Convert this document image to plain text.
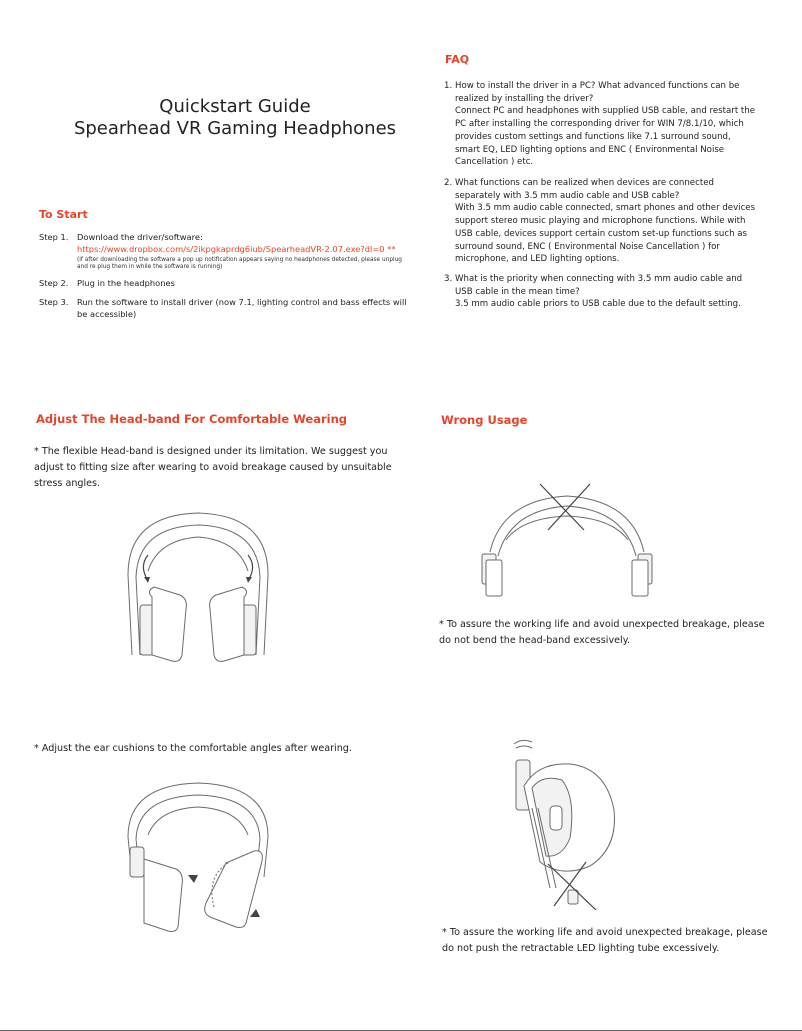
Quickstart Guide
Spearhead VR Gaming Headphones
To Start
Step 1. Download the driver/software:
https://www.dropbox.com/s/2ikpgkaprdg6iub/SpearheadVR-2.07.exe?dl=0 **
(if after downloading the software a pop up notification appears saying no headphones detected, please unplug and re plug them in while the software is running)
Step 2. Plug in the headphones
Step 3. Run the software to install driver (now 7.1, lighting control and bass effects will be accessible)
FAQ
1. How to install the driver in a PC? What advanced functions can be realized by installing the driver?
Connect PC and headphones with supplied USB cable, and restart the PC after installing the corresponding driver for WIN 7/8.1/10, which provides custom settings and functions like 7.1 surround sound, smart EQ, LED lighting options and ENC ( Environmental Noise Cancellation ) etc.
2. What functions can be realized when devices are connected separately with 3.5 mm audio cable and USB cable?
With 3.5 mm audio cable connected, smart phones and other devices support stereo music playing and microphone functions. While with USB cable, devices support certain custom set-up functions such as surround sound, ENC ( Environmental Noise Cancellation ) for microphone, and LED lighting options.
3. What is the priority when connecting with 3.5 mm audio cable and USB cable in the mean time?
3.5 mm audio cable priors to USB cable due to the default setting.
Adjust The Head-band For Comfortable Wearing
* The flexible Head-band is designed under its limitation. We suggest you adjust to fitting size after wearing to avoid breakage caused by unsuitable stress angles.
* Adjust the ear cushions to the comfortable angles after wearing.
Wrong Usage
* To assure the working life and avoid unexpected breakage, please do not bend the head-band excessively.
* To assure the working life and avoid unexpected breakage, please do not push the retractable LED lighting tube excessively.
